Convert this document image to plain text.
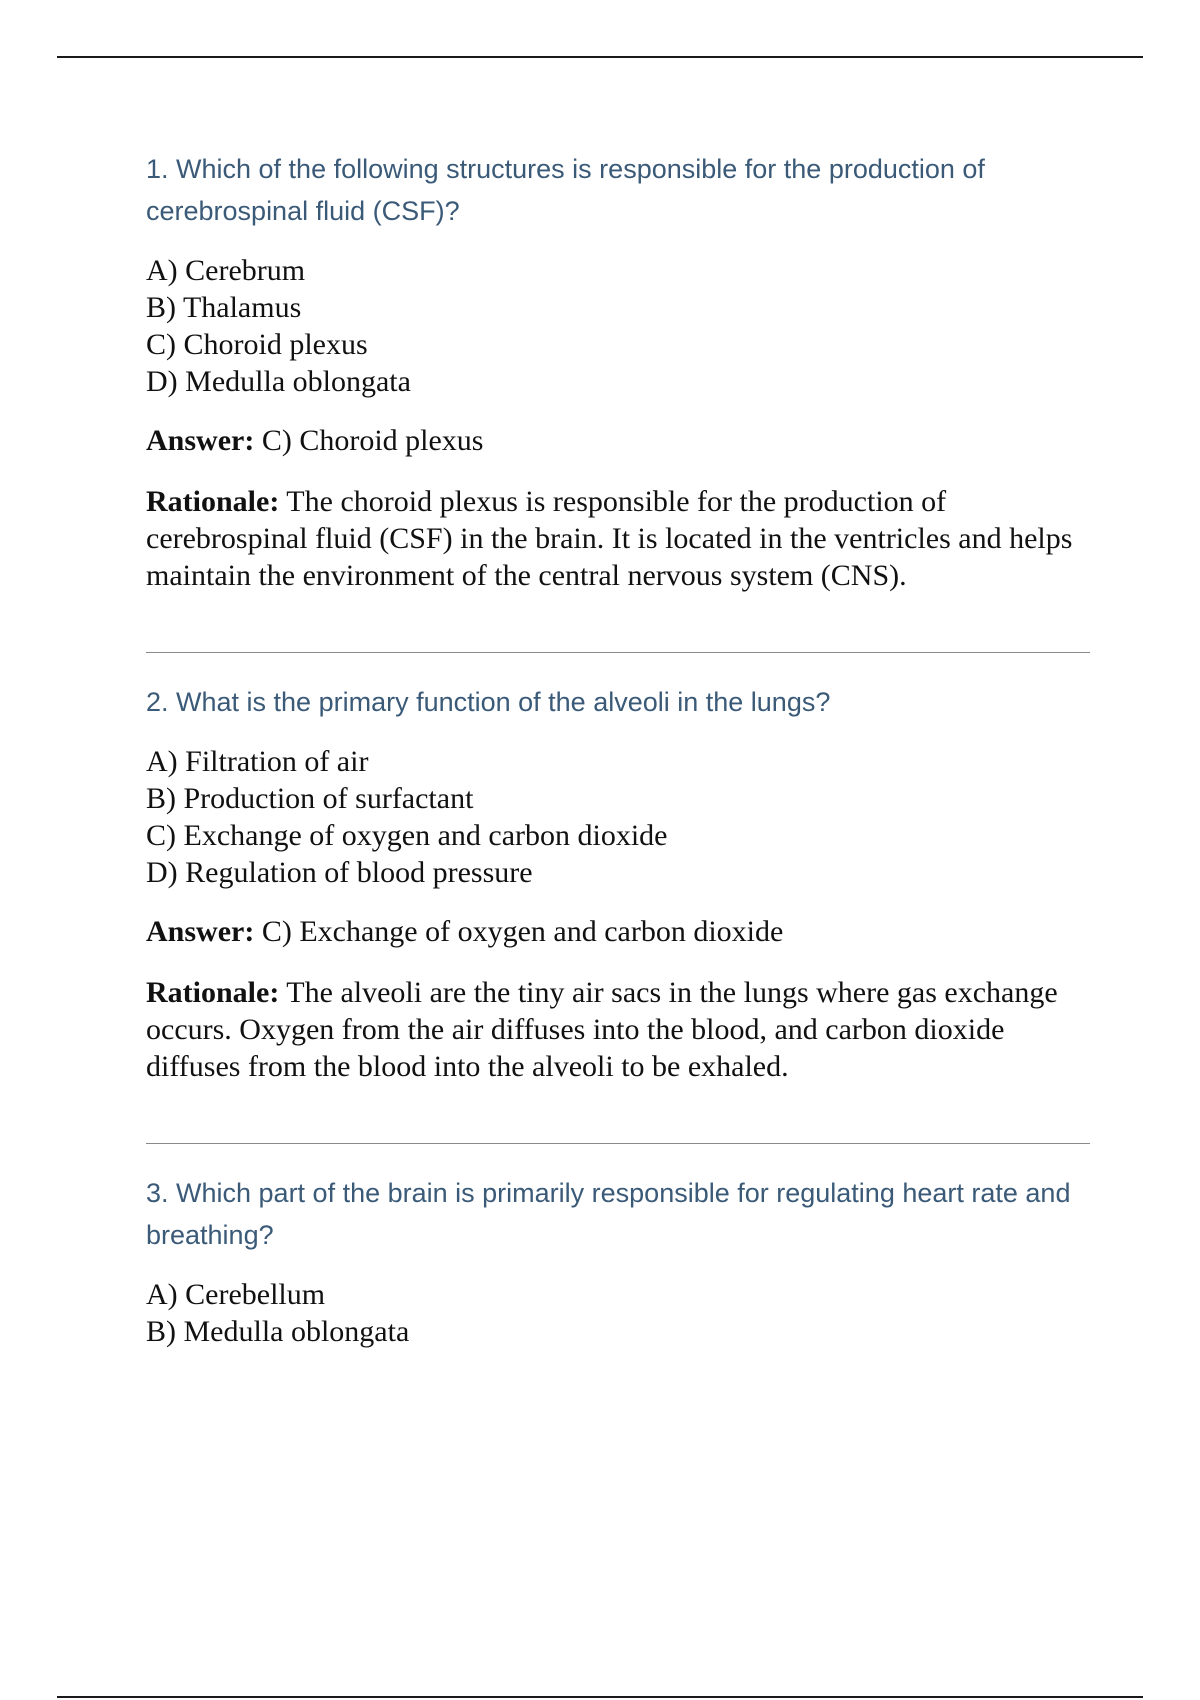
1. Which of the following structures is responsible for the production of cerebrospinal fluid (CSF)?

A) Cerebrum
B) Thalamus
C) Choroid plexus
D) Medulla oblongata

Answer: C) Choroid plexus

Rationale: The choroid plexus is responsible for the production of cerebrospinal fluid (CSF) in the brain. It is located in the ventricles and helps maintain the environment of the central nervous system (CNS).

2. What is the primary function of the alveoli in the lungs?

A) Filtration of air
B) Production of surfactant
C) Exchange of oxygen and carbon dioxide
D) Regulation of blood pressure

Answer: C) Exchange of oxygen and carbon dioxide

Rationale: The alveoli are the tiny air sacs in the lungs where gas exchange occurs. Oxygen from the air diffuses into the blood, and carbon dioxide diffuses from the blood into the alveoli to be exhaled.

3. Which part of the brain is primarily responsible for regulating heart rate and breathing?

A) Cerebellum
B) Medulla oblongata
